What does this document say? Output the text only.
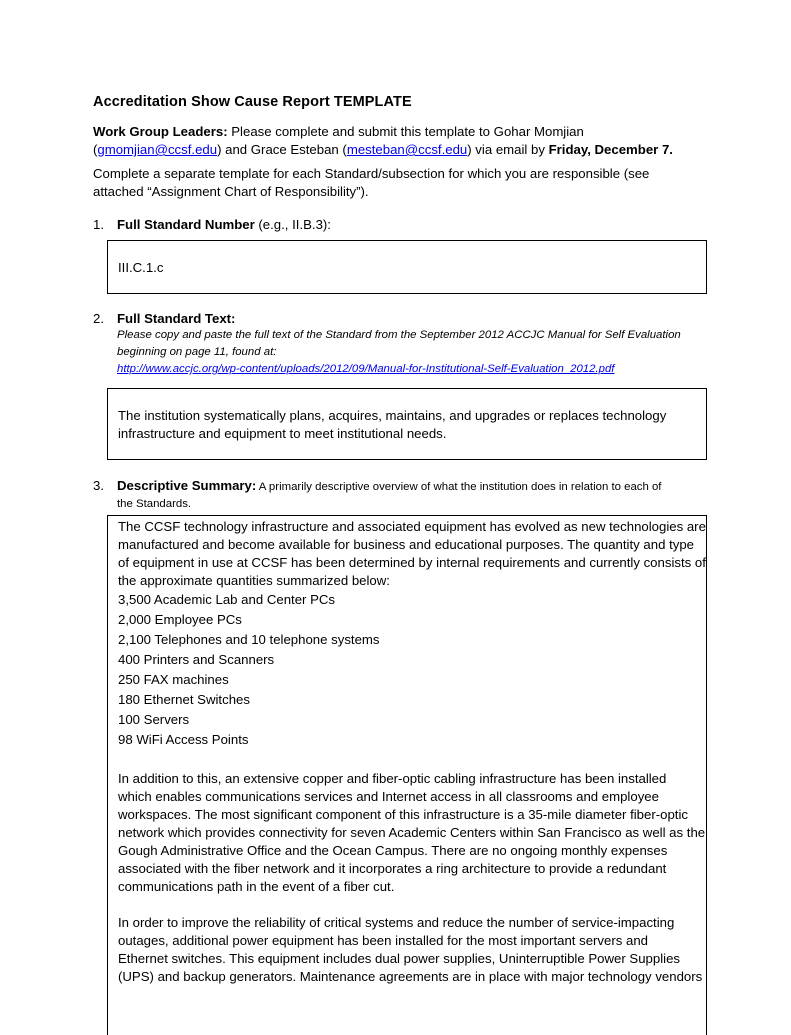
Accreditation Show Cause Report TEMPLATE
Work Group Leaders: Please complete and submit this template to Gohar Momjian
(gmomjian@ccsf.edu) and Grace Esteban (mesteban@ccsf.edu) via email by Friday, December 7.
Complete a separate template for each Standard/subsection for which you are responsible (see
attached “Assignment Chart of Responsibility”).
1. Full Standard Number (e.g., II.B.3):
III.C.1.c
2. Full Standard Text:
Please copy and paste the full text of the Standard from the September 2012 ACCJC Manual for Self Evaluation
beginning on page 11, found at:
http://www.accjc.org/wp-content/uploads/2012/09/Manual-for-Institutional-Self-Evaluation_2012.pdf
The institution systematically plans, acquires, maintains, and upgrades or replaces technology
infrastructure and equipment to meet institutional needs.
3. Descriptive Summary: A primarily descriptive overview of what the institution does in relation to each of
the Standards.
The CCSF technology infrastructure and associated equipment has evolved as new technologies are
manufactured and become available for business and educational purposes. The quantity and type
of equipment in use at CCSF has been determined by internal requirements and currently consists of
the approximate quantities summarized below:
3,500 Academic Lab and Center PCs
2,000 Employee PCs
2,100 Telephones and 10 telephone systems
400 Printers and Scanners
250 FAX machines
180 Ethernet Switches
100 Servers
98 WiFi Access Points
In addition to this, an extensive copper and fiber-optic cabling infrastructure has been installed
which enables communications services and Internet access in all classrooms and employee
workspaces. The most significant component of this infrastructure is a 35-mile diameter fiber-optic
network which provides connectivity for seven Academic Centers within San Francisco as well as the
Gough Administrative Office and the Ocean Campus. There are no ongoing monthly expenses
associated with the fiber network and it incorporates a ring architecture to provide a redundant
communications path in the event of a fiber cut.
In order to improve the reliability of critical systems and reduce the number of service-impacting
outages, additional power equipment has been installed for the most important servers and
Ethernet switches. This equipment includes dual power supplies, Uninterruptible Power Supplies
(UPS) and backup generators. Maintenance agreements are in place with major technology vendors
